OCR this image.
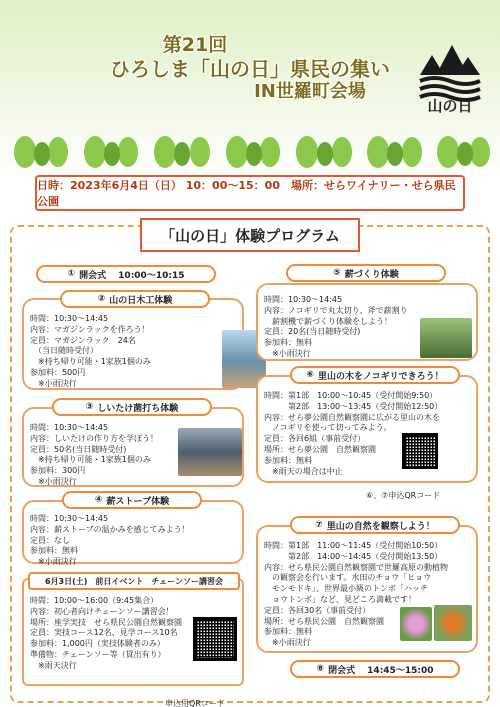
第21回
ひろしま「山の日」県民の集い
IN世羅町会場
山の日
日時：2023年6月4日（日） 10：00～15：00　場所：せらワイナリー・せら県民公園
「山の日」体験プログラム
① 開会式 10:00～10:15

時間：10:30～14:45

内容：マガジンラックを作ろう！

定員：マガジンラック　24名

　（当日随時受付）

　※持ち帰り可能・1家族1個のみ

参加料：500円

　※小雨決行

② 山の日木工体験

時間：10:30～14:45

内容：しいたけの作り方を学ぼう！

定員：50名(当日随時受付)

　※持ち帰り可能・1家族1個のみ

参加料：300円

　※小雨決行

③ しいたけ菌打ち体験

時間：10:30～14:45

内容：薪ストーブの温かみを感じてみよう！

定員：なし

参加料：無料

　※小雨決行

④ 薪ストーブ体験

時間：10:00～16:00（9:45集合）

内容：初心者向けチェーンソー講習会！

場所：座学実技　せら県民公園自然観察園

定員：実技コース12名、見学コース10名

参加料：1,000円（実技体験者のみ）

準備物：チェーンソー等（貸出有り）

　※雨天決行

6月3日(土)　前日イベント　チェーンソー講習会
申込用QRコード

時間：10:30～14:45

内容：ノコギリで丸太切り、斧で薪割り

　薪割機で薪づくり体験をしよう！

定員：20名(当日随時受付)

参加料：無料

　※小雨決行

⑤ 薪づくり体験

時間：第1部　10:00～10:45（受付開始9:50）

　　　第2部　13:00～13:45（受付開始12:50）

内容：せら夢公園自然観察園に広がる里山の木を

　ノコギリを使って切ってみよう。

定員：各回6組（事前受付）

場所：せら夢公園　自然観察園

参加料：無料

　※雨天の場合は中止

⑥ 里山の木をノコギリできろう！
⑥、⑦申込QRコード

時間：第1部　11:00～11:45（受付開始10:50）

　　　第2部　14:00～14:45（受付開始13:50）

内容：せら県民公園自然観察園で世羅高原の動植物

　の観察会を行います。水田のチョウ「ヒョウ

　モンモドキ」、世界最小級のトンボ「ハッチ

　ョウトンボ」など、見どころ満載です！

定員：各回30名（事前受付）

場所：せら県民公園　自然観察園

参加料：無料

　※小雨決行

⑦ 里山の自然を観察しよう！
⑧ 閉会式 14:45～15:00
